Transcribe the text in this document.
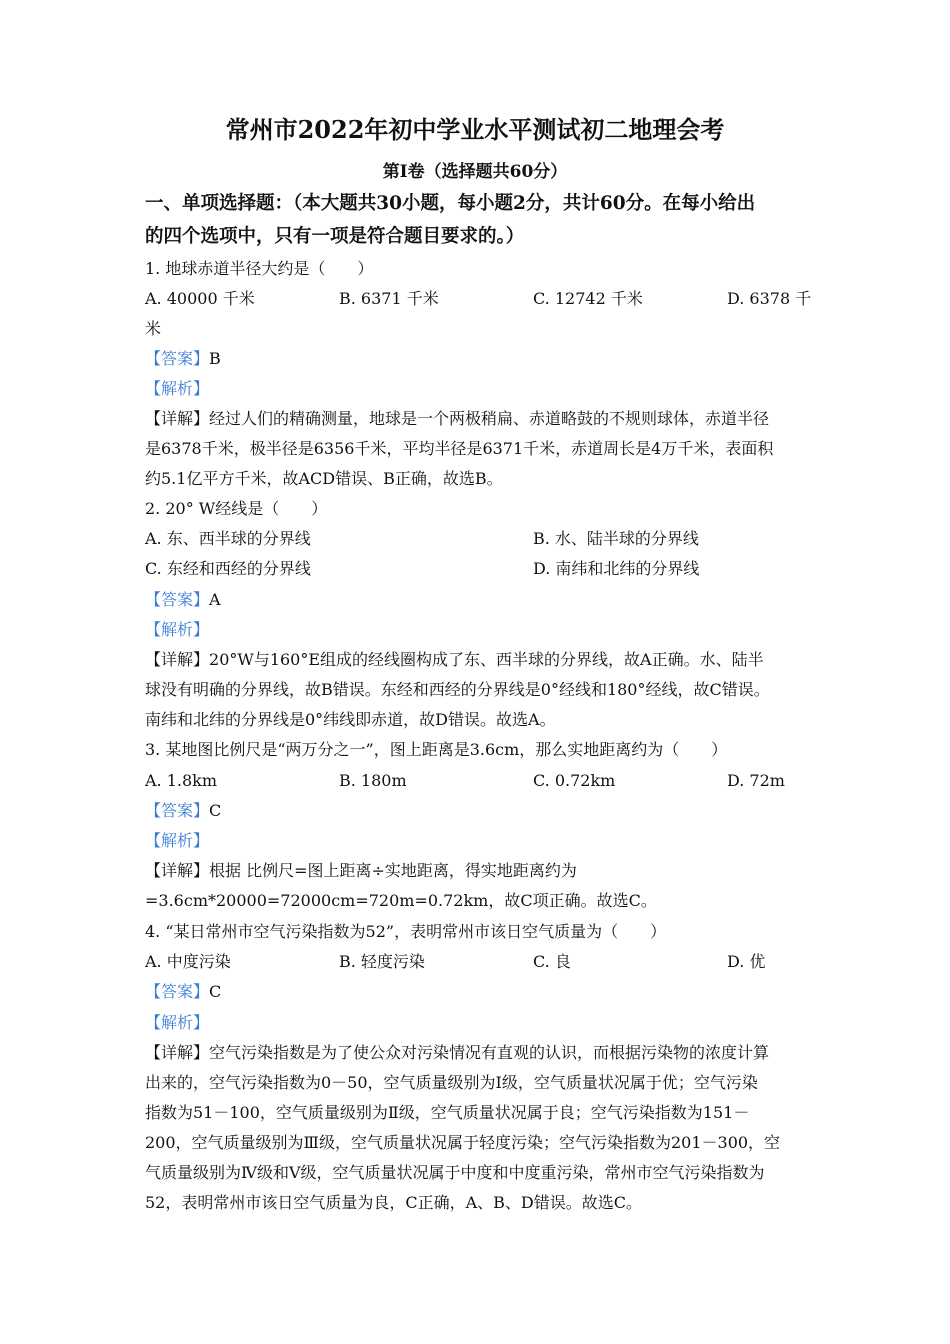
常州市2022年初中学业水平测试初二地理会考
第Ⅰ卷（选择题共60分）
一、单项选择题：（本大题共30小题，每小题2分，共计60分。在每小给出
的四个选项中，只有一项是符合题目要求的。）
1. 地球赤道半径大约是（　　）
A. 40000 千米	B. 6371 千米	C. 12742 千米	D. 6378 千
米
【答案】B
【解析】
【详解】经过人们的精确测量，地球是一个两极稍扁、赤道略鼓的不规则球体，赤道半径
是6378千米，极半径是6356千米，平均半径是6371千米，赤道周长是4万千米，表面积
约5.1亿平方千米，故ACD错误、B正确，故选B。
2. 20° W经线是（　　）
A. 东、西半球的分界线	B. 水、陆半球的分界线
C. 东经和西经的分界线	D. 南纬和北纬的分界线
【答案】A
【解析】
【详解】20°W与160°E组成的经线圈构成了东、西半球的分界线，故A正确。水、陆半
球没有明确的分界线，故B错误。东经和西经的分界线是0°经线和180°经线，故C错误。
南纬和北纬的分界线是0°纬线即赤道，故D错误。故选A。
3. 某地图比例尺是“两万分之一”，图上距离是3.6cm，那么实地距离约为（　　）
A. 1.8km	B. 180m	C. 0.72km	D. 72m
【答案】C
【解析】
【详解】根据 比例尺=图上距离÷实地距离，得实地距离约为
=3.6cm*20000=72000cm=720m=0.72km，故C项正确。故选C。
4. “某日常州市空气污染指数为52”，表明常州市该日空气质量为（　　）
A. 中度污染	B. 轻度污染	C. 良	D. 优
【答案】C
【解析】
【详解】空气污染指数是为了使公众对污染情况有直观的认识，而根据污染物的浓度计算
出来的，空气污染指数为0－50，空气质量级别为Ⅰ级，空气质量状况属于优；空气污染
指数为51－100，空气质量级别为Ⅱ级，空气质量状况属于良；空气污染指数为151－
200，空气质量级别为Ⅲ级，空气质量状况属于轻度污染；空气污染指数为201－300，空
气质量级别为Ⅳ级和Ⅴ级，空气质量状况属于中度和中度重污染，常州市空气污染指数为
52，表明常州市该日空气质量为良，C正确，A、B、D错误。故选C。
